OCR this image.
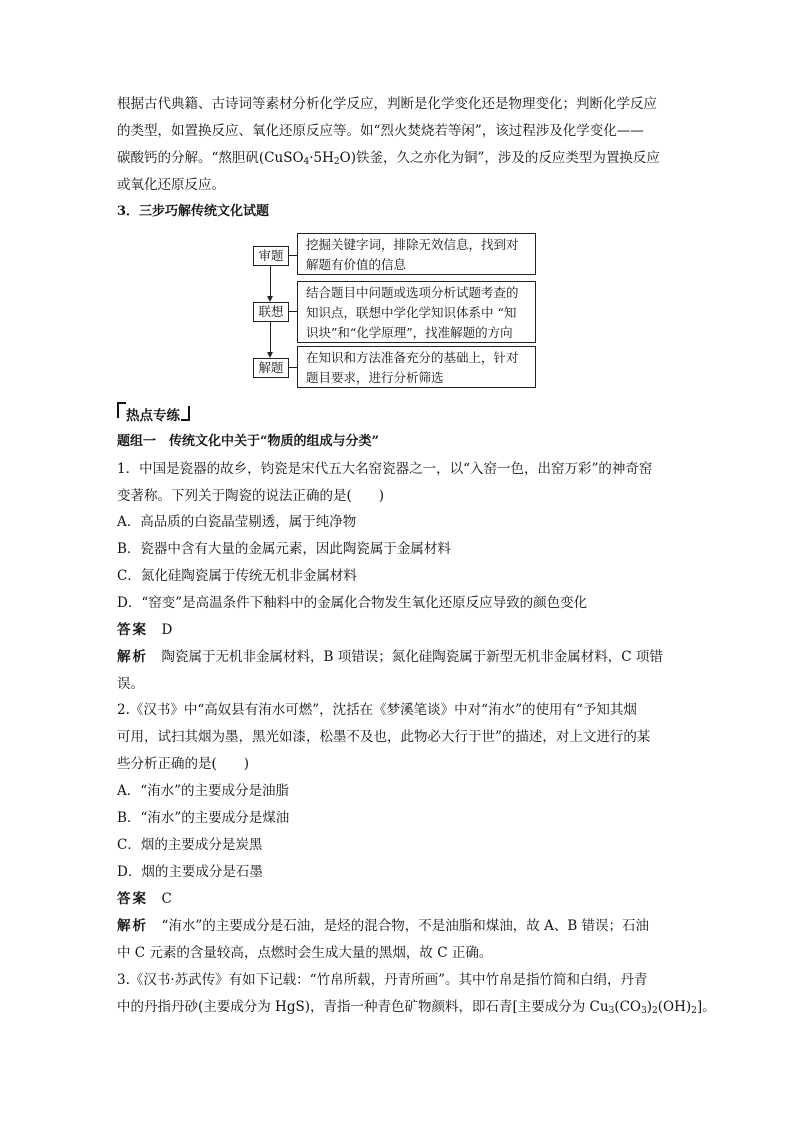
根据古代典籍、古诗词等素材分析化学反应，判断是化学变化还是物理变化；判断化学反应
的类型，如置换反应、氧化还原反应等。如“烈火焚烧若等闲”，该过程涉及化学变化——
碳酸钙的分解。“熬胆矾$(CuSO_4\cdot 5H_2O)$铁釜，久之亦化为铜”，涉及的反应类型为置换反应
或氧化还原反应。
3．三步巧解传统文化试题
审题
联想
解题
挖掘关键字词，排除无效信息，找到对
解题有价值的信息
结合题目中问题或选项分析试题考查的
知识点，联想中学化学知识体系中 “知
识块”和“化学原理”，找准解题的方向
在知识和方法准备充分的基础上，针对
题目要求，进行分析筛选
热点专练
题组一　传统文化中关于“物质的组成与分类”
1．中国是瓷器的故乡，钧瓷是宋代五大名窑瓷器之一，以“入窑一色，出窑万彩”的神奇窑
变著称。下列关于陶瓷的说法正确的是(　　)
A．高品质的白瓷晶莹剔透，属于纯净物
B．瓷器中含有大量的金属元素，因此陶瓷属于金属材料
C．氮化硅陶瓷属于传统无机非金属材料
D．“窑变”是高温条件下釉料中的金属化合物发生氧化还原反应导致的颜色变化
答案　 D
解析　 陶瓷属于无机非金属材料，B 项错误；氮化硅陶瓷属于新型无机非金属材料，C 项错
误。
2.《汉书》中“高奴县有洧水可燃”，沈括在《梦溪笔谈》中对“洧水”的使用有“予知其烟
可用，试扫其烟为墨，黑光如漆，松墨不及也，此物必大行于世”的描述，对上文进行的某
些分析正确的是(　　)
A．“洧水”的主要成分是油脂
B．“洧水”的主要成分是煤油
C．烟的主要成分是炭黑
D．烟的主要成分是石墨
答案　 C
解析　 “洧水”的主要成分是石油，是烃的混合物，不是油脂和煤油，故 A、B 错误；石油
中 C 元素的含量较高，点燃时会生成大量的黑烟，故 C 正确。
3.《汉书·苏武传》有如下记载：“竹帛所载，丹青所画”。其中竹帛是指竹简和白绢，丹青
中的丹指丹砂(主要成分为 HgS)，青指一种青色矿物颜料，即石青[主要成分为 $Cu_3(CO_3)_2(OH)_2$]。
